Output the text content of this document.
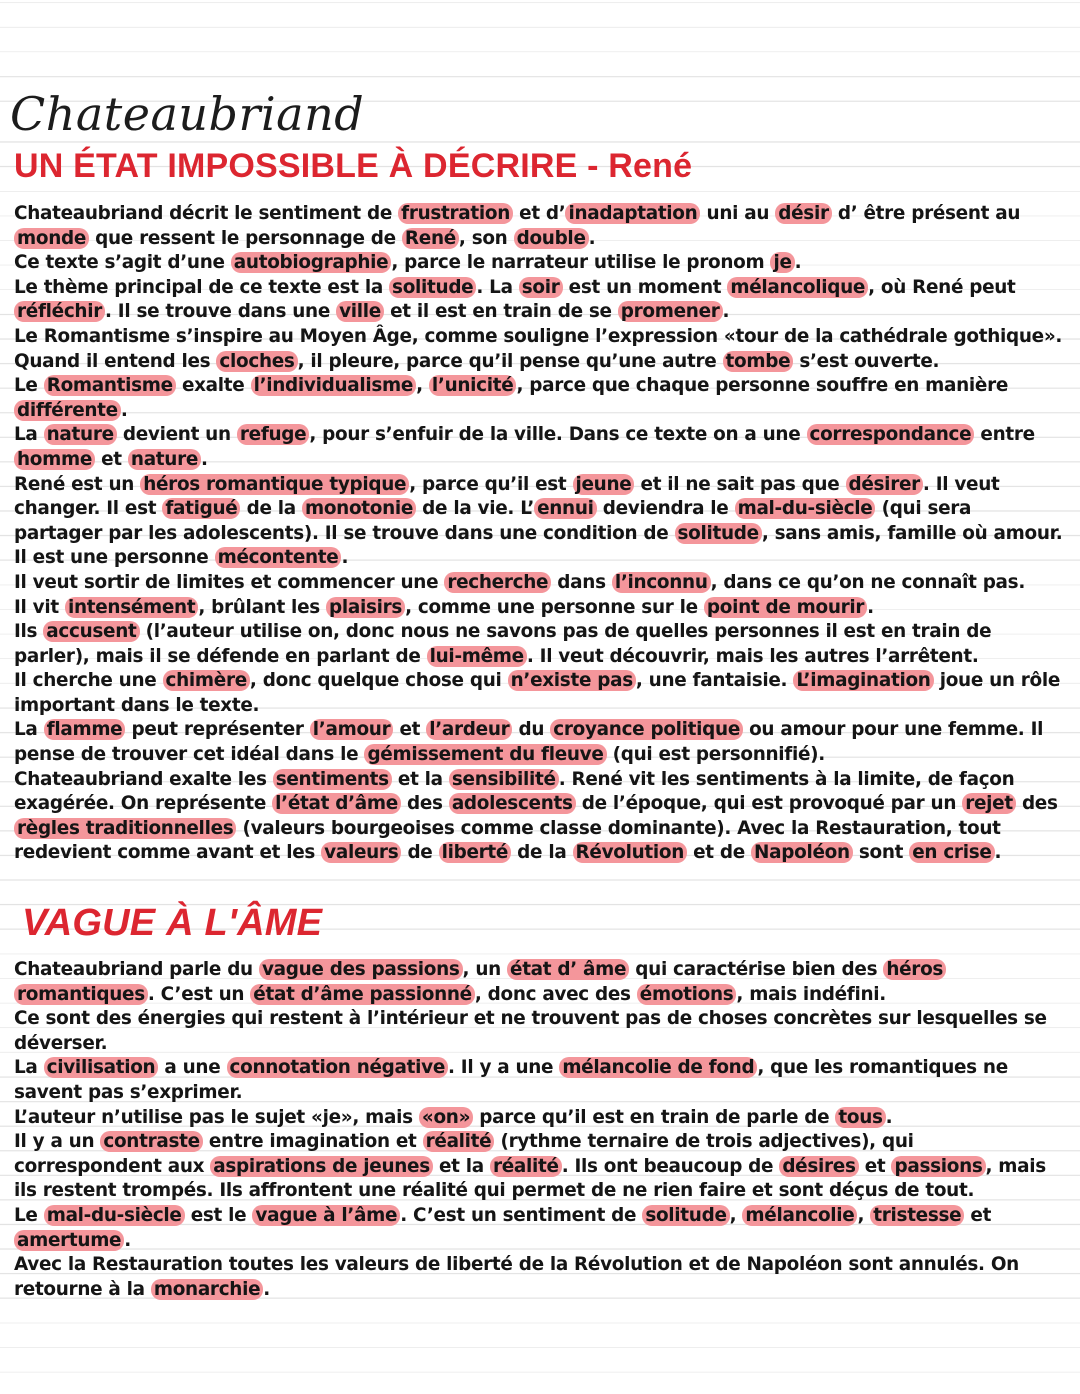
Chateaubriand
UN ÉTAT IMPOSSIBLE À DÉCRIRE - René
Chateaubriand décrit le sentiment de frustration et d’ inadaptation uni au désir d’ être présent au monde que ressent le personnage de René , son double .
Ce texte s’agit d’une autobiographie , parce le narrateur utilise le pronom je .
Le thème principal de ce texte est la solitude . La soir est un moment mélancolique , où René peut réfléchir . Il se trouve dans une ville et il est en train de se promener .
Le Romantisme s’inspire au Moyen Âge, comme souligne l’expression «tour de la cathédrale gothique».
Quand il entend les cloches , il pleure, parce qu’il pense qu’une autre tombe s’est ouverte.
Le Romantisme exalte l’individualisme , l’unicité , parce que chaque personne souffre en manière différente .
La nature devient un refuge , pour s’enfuir de la ville. Dans ce texte on a une correspondance entre homme et nature .
René est un héros romantique typique , parce qu’il est jeune et il ne sait pas que désirer . Il veut changer. Il est fatigué de la monotonie de la vie. L’ ennui deviendra le mal-du-siècle (qui sera partager par les adolescents). Il se trouve dans une condition de solitude , sans amis, famille où amour. Il est une personne mécontente .
Il veut sortir de limites et commencer une recherche dans l’inconnu , dans ce qu’on ne connaît pas.
Il vit intensément , brûlant les plaisirs , comme une personne sur le point de mourir .
Ils accusent (l’auteur utilise on, donc nous ne savons pas de quelles personnes il est en train de parler), mais il se défende en parlant de lui-même . Il veut découvrir, mais les autres l’arrêtent.
Il cherche une chimère , donc quelque chose qui n’existe pas , une fantaisie. L’imagination joue un rôle important dans le texte.
La flamme peut représenter l’amour et l’ardeur du croyance politique ou amour pour une femme. Il pense de trouver cet idéal dans le gémissement du fleuve (qui est personnifié).
Chateaubriand exalte les sentiments et la sensibilité . René vit les sentiments à la limite, de façon exagérée. On représente l’état d’âme des adolescents de l’époque, qui est provoqué par un rejet des règles traditionnelles (valeurs bourgeoises comme classe dominante). Avec la Restauration, tout redevient comme avant et les valeurs de liberté de la Révolution et de Napoléon sont en crise .
VAGUE À L'ÂME
Chateaubriand parle du vague des passions , un état d’ âme qui caractérise bien des héros romantiques . C’est un état d’âme passionné , donc avec des émotions , mais indéfini.
Ce sont des énergies qui restent à l’intérieur et ne trouvent pas de choses concrètes sur lesquelles se déverser.
La civilisation a une connotation négative . Il y a une mélancolie de fond , que les romantiques ne savent pas s’exprimer.
L’auteur n’utilise pas le sujet «je», mais «on» parce qu’il est en train de parle de tous .
Il y a un contraste entre imagination et réalité (rythme ternaire de trois adjectives), qui correspondent aux aspirations de jeunes et la réalité . Ils ont beaucoup de désires et passions , mais ils restent trompés. Ils affrontent une réalité qui permet de ne rien faire et sont déçus de tout.
Le mal-du-siècle est le vague à l’âme . C’est un sentiment de solitude , mélancolie , tristesse et amertume .
Avec la Restauration toutes les valeurs de liberté de la Révolution et de Napoléon sont annulés. On retourne à la monarchie .
